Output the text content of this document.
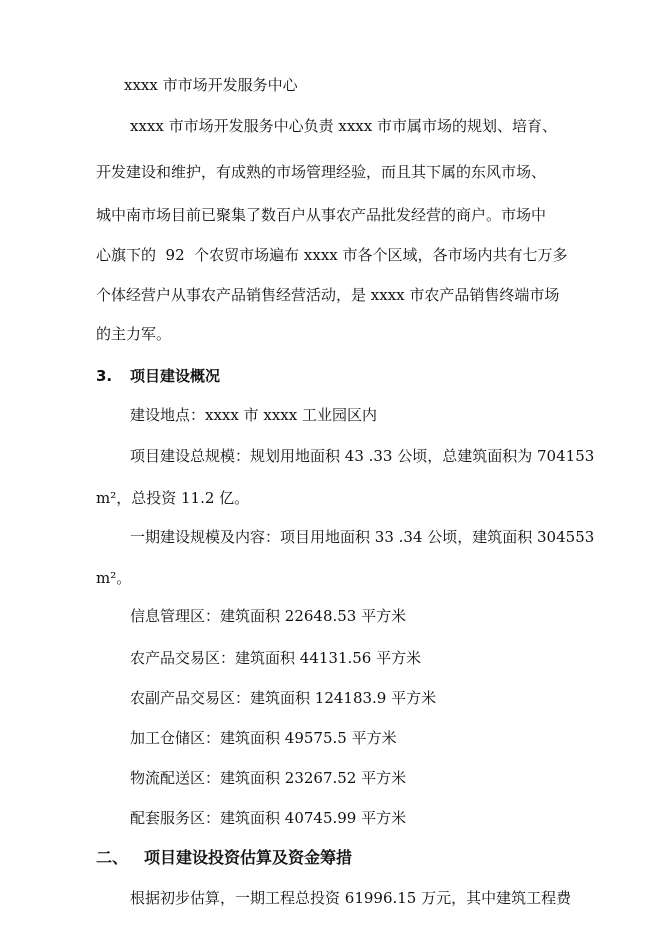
xxxx 市市场开发服务中心
xxxx 市市场开发服务中心负责 xxxx 市市属市场的规划、培育、
开发建设和维护，有成熟的市场管理经验，而且其下属的东风市场、
城中南市场目前已聚集了数百户从事农产品批发经营的商户。市场中
心旗下的  92  个农贸市场遍布 xxxx 市各个区域，各市场内共有七万多
个体经营户从事农产品销售经营活动，是 xxxx 市农产品销售终端市场
的主力军。
3. 项目建设概况
建设地点：xxxx 市 xxxx 工业园区内
项目建设总规模：规划用地面积 43 .33 公顷，总建筑面积为 704153
m²，总投资 11.2 亿。
一期建设规模及内容：项目用地面积 33 .34 公顷，建筑面积 304553
m²。
信息管理区：建筑面积 22648.53 平方米
农产品交易区：建筑面积 44131.56 平方米
农副产品交易区：建筑面积 124183.9 平方米
加工仓储区：建筑面积 49575.5 平方米
物流配送区：建筑面积 23267.52 平方米
配套服务区：建筑面积 40745.99 平方米
二、 项目建设投资估算及资金筹措
根据初步估算，一期工程总投资 61996.15 万元，其中建筑工程费
